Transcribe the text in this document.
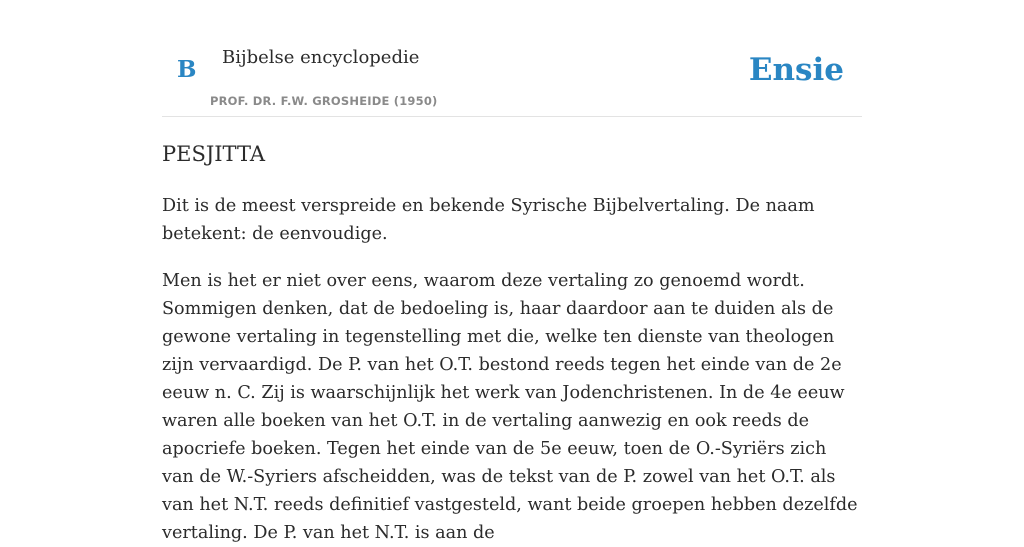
B Bijbelse encyclopedie
PROF. DR. F.W. GROSHEIDE (1950)
Ensie
PESJITTA

Dit is de meest verspreide en bekende Syrische Bijbelvertaling. De naam betekent: de eenvoudige.

Men is het er niet over eens, waarom deze vertaling zo genoemd wordt. Sommigen denken, dat de bedoeling is, haar daardoor aan te duiden als de gewone vertaling in tegenstelling met die, welke ten dienste van theologen zijn vervaardigd. De P. van het O.T. bestond reeds tegen het einde van de 2e eeuw n. C. Zij is waarschijnlijk het werk van Jodenchristenen. In de 4e eeuw waren alle boeken van het O.T. in de vertaling aanwezig en ook reeds de apocriefe boeken. Tegen het einde van de 5e eeuw, toen de O.-Syriërs zich van de W.-Syriers afscheidden, was de tekst van de P. zowel van het O.T. als van het N.T. reeds definitief vastgesteld, want beide groepen hebben dezelfde vertaling. De P. van het N.T. is aan de
